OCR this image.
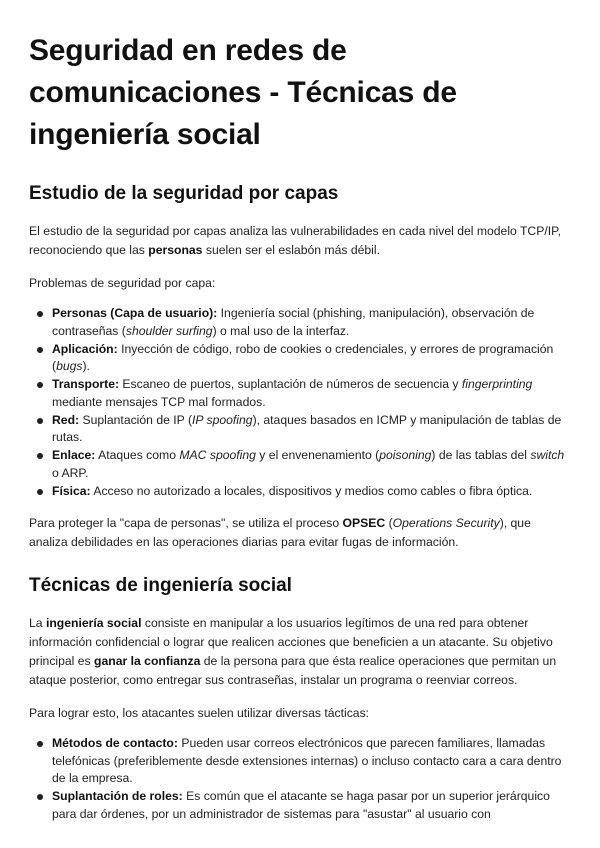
Seguridad en redes de comunicaciones - Técnicas de ingeniería social
Estudio de la seguridad por capas

El estudio de la seguridad por capas analiza las vulnerabilidades en cada nivel del modelo TCP/IP, reconociendo que las personas suelen ser el eslabón más débil.

Problemas de seguridad por capa:

Personas (Capa de usuario): Ingeniería social (phishing, manipulación), observación de contraseñas (shoulder surfing) o mal uso de la interfaz.
Aplicación: Inyección de código, robo de cookies o credenciales, y errores de programación (bugs).
Transporte: Escaneo de puertos, suplantación de números de secuencia y fingerprinting mediante mensajes TCP mal formados.
Red: Suplantación de IP (IP spoofing), ataques basados en ICMP y manipulación de tablas de rutas.
Enlace: Ataques como MAC spoofing y el envenenamiento (poisoning) de las tablas del switch o ARP.
Física: Acceso no autorizado a locales, dispositivos y medios como cables o fibra óptica.

Para proteger la "capa de personas", se utiliza el proceso OPSEC (Operations Security), que analiza debilidades en las operaciones diarias para evitar fugas de información.

Técnicas de ingeniería social

La ingeniería social consiste en manipular a los usuarios legítimos de una red para obtener información confidencial o lograr que realicen acciones que beneficien a un atacante. Su objetivo principal es ganar la confianza de la persona para que ésta realice operaciones que permitan un ataque posterior, como entregar sus contraseñas, instalar un programa o reenviar correos.

Para lograr esto, los atacantes suelen utilizar diversas tácticas:

Métodos de contacto: Pueden usar correos electrónicos que parecen familiares, llamadas telefónicas (preferiblemente desde extensiones internas) o incluso contacto cara a cara dentro de la empresa.
Suplantación de roles: Es común que el atacante se haga pasar por un superior jerárquico para dar órdenes, por un administrador de sistemas para "asustar" al usuario con
